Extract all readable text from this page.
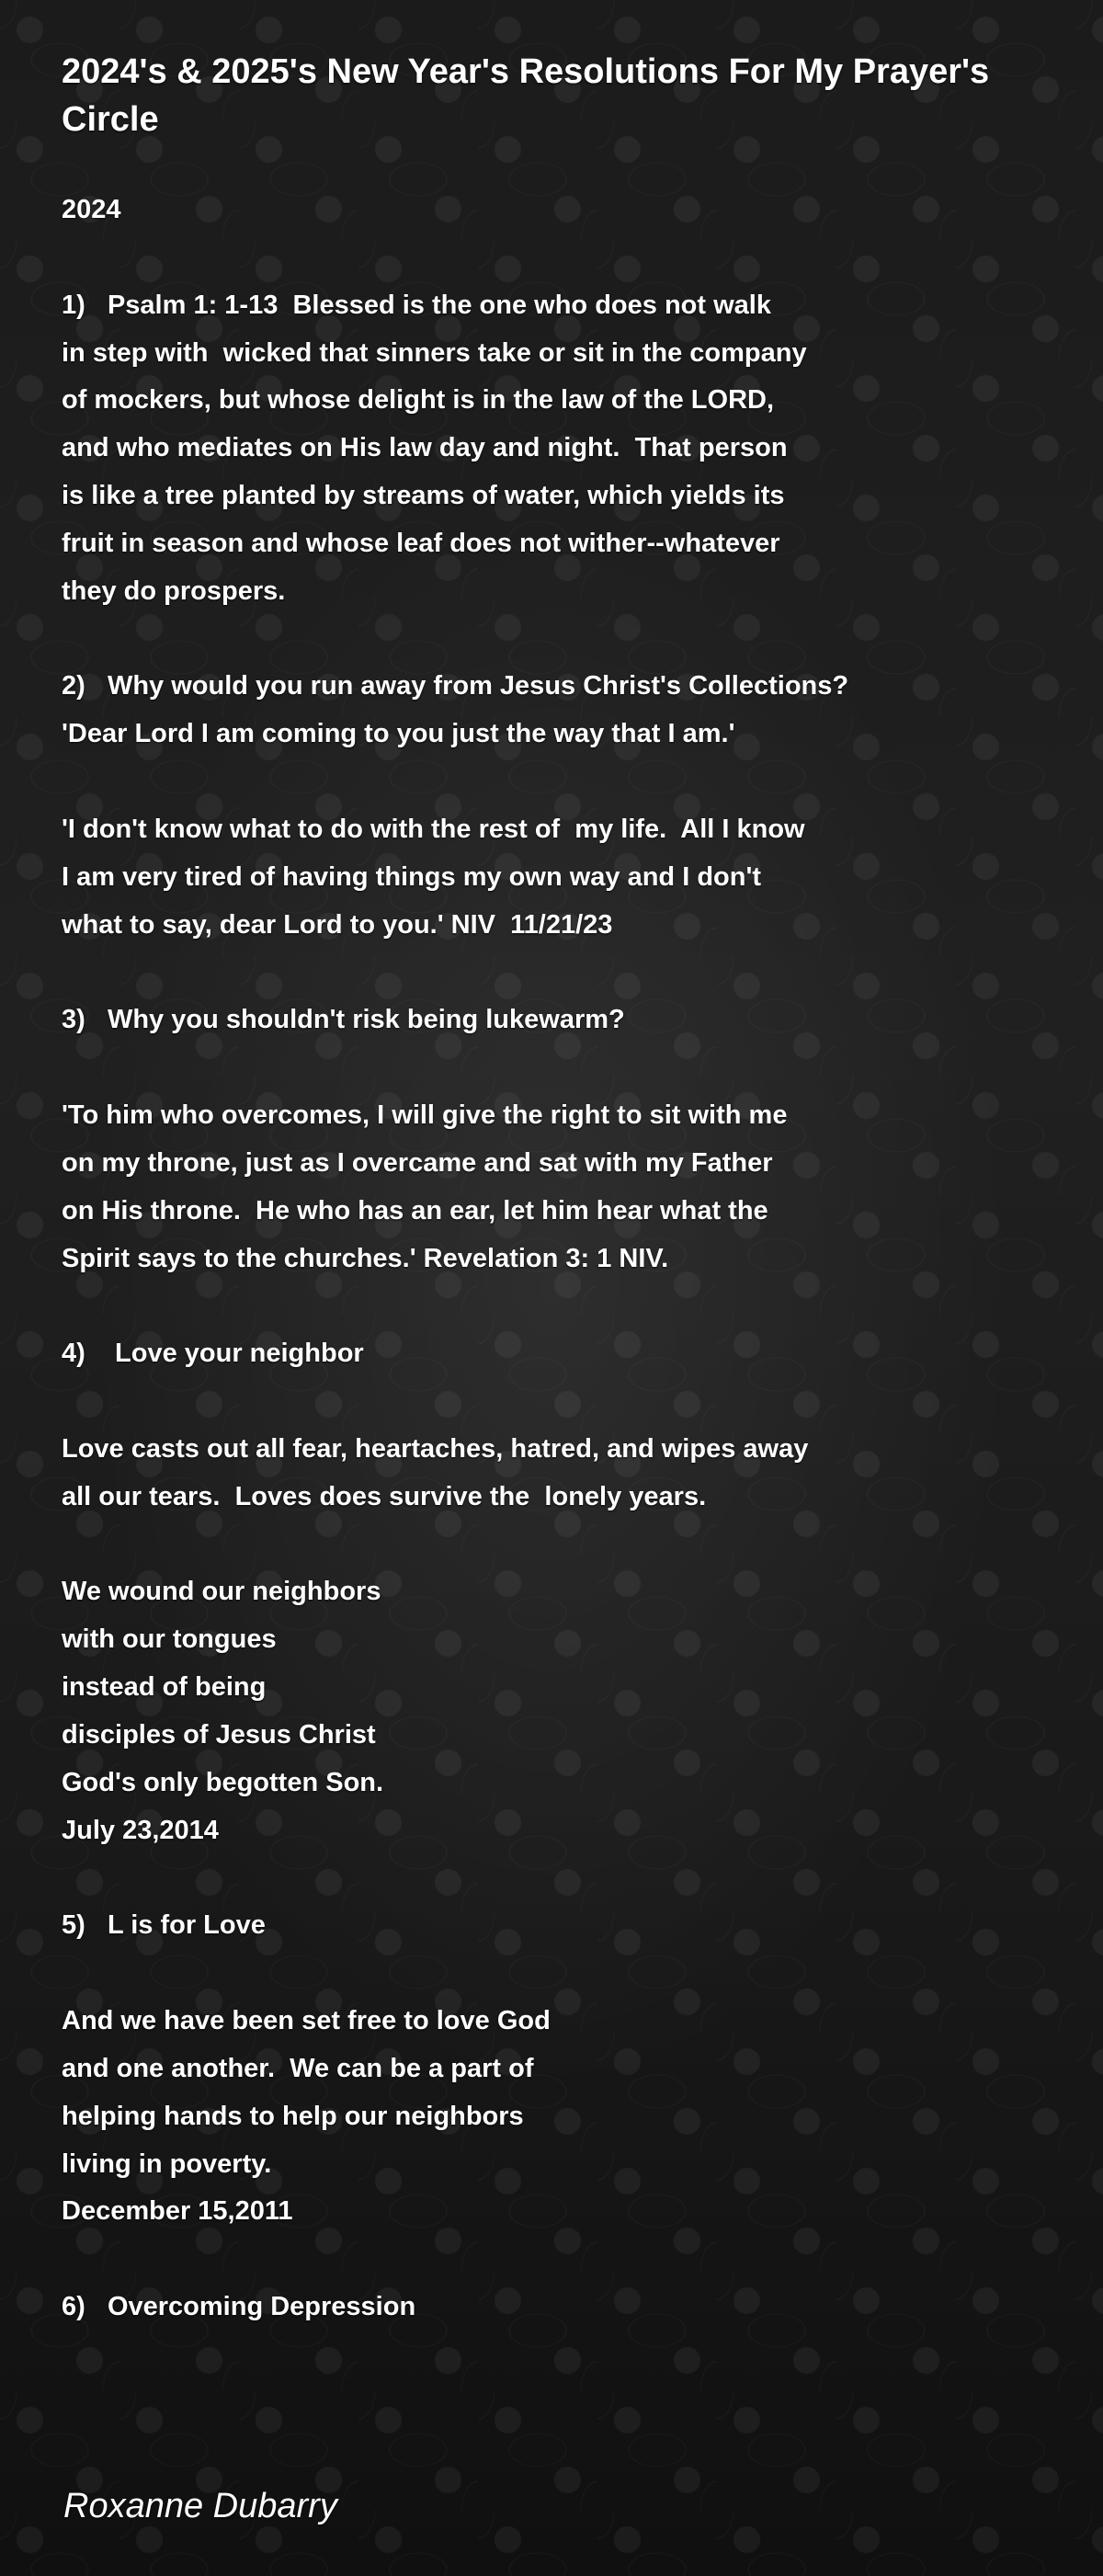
2024's & 2025's New Year's Resolutions For My Prayer's Circle
2024
1)   Psalm 1: 1-13  Blessed is the one who does not walk
in step with  wicked that sinners take or sit in the company
of mockers, but whose delight is in the law of the LORD,
and who mediates on His law day and night.  That person
is like a tree planted by streams of water, which yields its
fruit in season and whose leaf does not wither--whatever
they do prospers.
2)   Why would you run away from Jesus Christ's Collections?
'Dear Lord I am coming to you just the way that I am.'
'I don't know what to do with the rest of  my life.  All I know
I am very tired of having things my own way and I don't
what to say, dear Lord to you.' NIV  11/21/23
3)   Why you shouldn't risk being lukewarm?
'To him who overcomes, I will give the right to sit with me
on my throne, just as I overcame and sat with my Father
on His throne.  He who has an ear, let him hear what the
Spirit says to the churches.' Revelation 3: 1 NIV.
4)    Love your neighbor
Love casts out all fear, heartaches, hatred, and wipes away
all our tears.  Loves does survive the  lonely years.
We wound our neighbors
with our tongues
instead of being
disciples of Jesus Christ
God's only begotten Son.
July 23,2014
5)   L is for Love
And we have been set free to love God
and one another.  We can be a part of
helping hands to help our neighbors
living in poverty.
December 15,2011
6)   Overcoming Depression
Roxanne Dubarry
